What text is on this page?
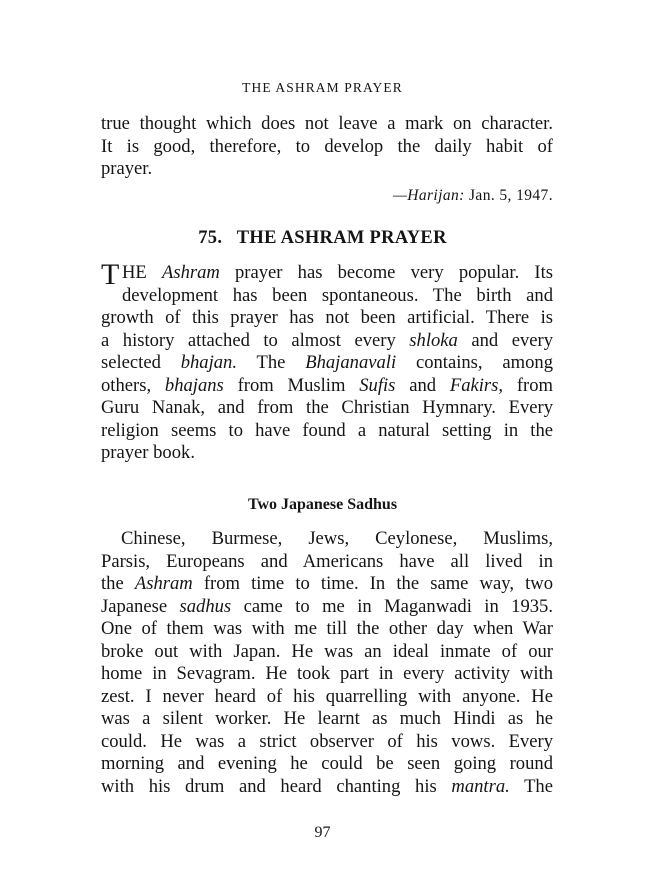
THE ASHRAM PRAYER
true thought which does not leave a mark on character.
It is good, therefore, to develop the daily habit of
prayer.
—Harijan: Jan. 5, 1947.
75. THE ASHRAM PRAYER
T HE Ashram prayer has become very popular. Its
development has been spontaneous. The birth and
growth of this prayer has not been artificial. There is
a history attached to almost every shloka and every
selected bhajan. The Bhajanavali contains, among
others, bhajans from Muslim Sufis and Fakirs, from
Guru Nanak, and from the Christian Hymnary. Every
religion seems to have found a natural setting in the
prayer book.
Two Japanese Sadhus
Chinese, Burmese, Jews, Ceylonese, Muslims,
Parsis, Europeans and Americans have all lived in
the Ashram from time to time. In the same way, two
Japanese sadhus came to me in Maganwadi in 1935.
One of them was with me till the other day when War
broke out with Japan. He was an ideal inmate of our
home in Sevagram. He took part in every activity with
zest. I never heard of his quarrelling with anyone. He
was a silent worker. He learnt as much Hindi as he
could. He was a strict observer of his vows. Every
morning and evening he could be seen going round
with his drum and heard chanting his mantra. The
97
